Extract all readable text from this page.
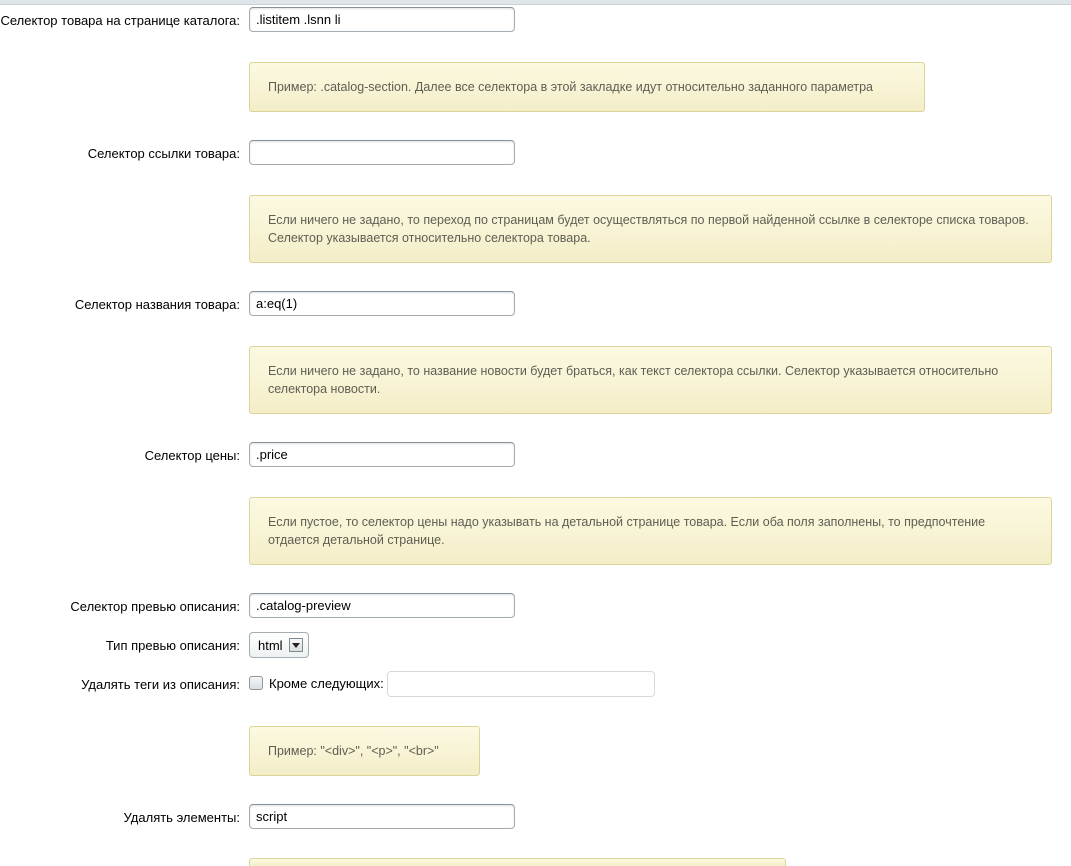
Селектор товара на странице каталога:
.listitem .lsnn li
Пример: .catalog-section. Далее все селектора в этой закладке идут относительно заданного параметра
Селектор ссылки товара:
Если ничего не задано, то переход по страницам будет осуществляться по первой найденной ссылке в селекторе списка товаров. Селектор указывается относительно селектора товара.
Селектор названия товара:
a:eq(1)
Если ничего не задано, то название новости будет браться, как текст селектора ссылки. Селектор указывается относительно селектора новости.
Селектор цены:
.price
Если пустое, то селектор цены надо указывать на детальной странице товара. Если оба поля заполнены, то предпочтение отдается детальной странице.
Селектор превью описания:
.catalog-preview
Тип превью описания: html
Удалять теги из описания: Кроме следующих:
Пример: "<div>", "<p>", "<br>"
Удалять элементы:
script
